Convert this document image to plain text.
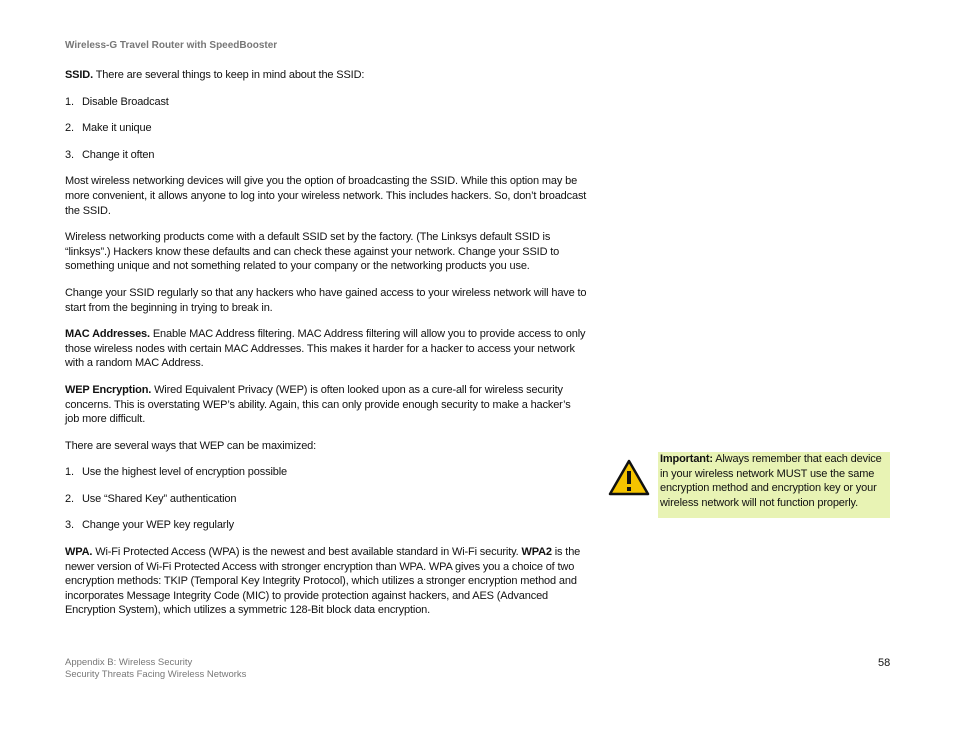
Wireless-G Travel Router with SpeedBooster

SSID. There are several things to keep in mind about the SSID:

1. Disable Broadcast
2. Make it unique
3. Change it often

Most wireless networking devices will give you the option of broadcasting the SSID. While this option may be more convenient, it allows anyone to log into your wireless network. This includes hackers. So, don’t broadcast the SSID.

Wireless networking products come with a default SSID set by the factory. (The Linksys default SSID is “linksys”.) Hackers know these defaults and can check these against your network. Change your SSID to something unique and not something related to your company or the networking products you use.

Change your SSID regularly so that any hackers who have gained access to your wireless network will have to start from the beginning in trying to break in.

MAC Addresses. Enable MAC Address filtering. MAC Address filtering will allow you to provide access to only those wireless nodes with certain MAC Addresses. This makes it harder for a hacker to access your network with a random MAC Address.

WEP Encryption. Wired Equivalent Privacy (WEP) is often looked upon as a cure-all for wireless security concerns. This is overstating WEP’s ability. Again, this can only provide enough security to make a hacker’s job more difficult.

There are several ways that WEP can be maximized:

1. Use the highest level of encryption possible
2. Use “Shared Key” authentication
3. Change your WEP key regularly

WPA. Wi-Fi Protected Access (WPA) is the newest and best available standard in Wi-Fi security. WPA2 is the newer version of Wi-Fi Protected Access with stronger encryption than WPA. WPA gives you a choice of two encryption methods: TKIP (Temporal Key Integrity Protocol), which utilizes a stronger encryption method and incorporates Message Integrity Code (MIC) to provide protection against hackers, and AES (Advanced Encryption System), which utilizes a symmetric 128-Bit block data encryption.

Important: Always remember that each device in your wireless network MUST use the same encryption method and encryption key or your wireless network will not function properly.
Appendix B: Wireless Security
Security Threats Facing Wireless Networks
58
